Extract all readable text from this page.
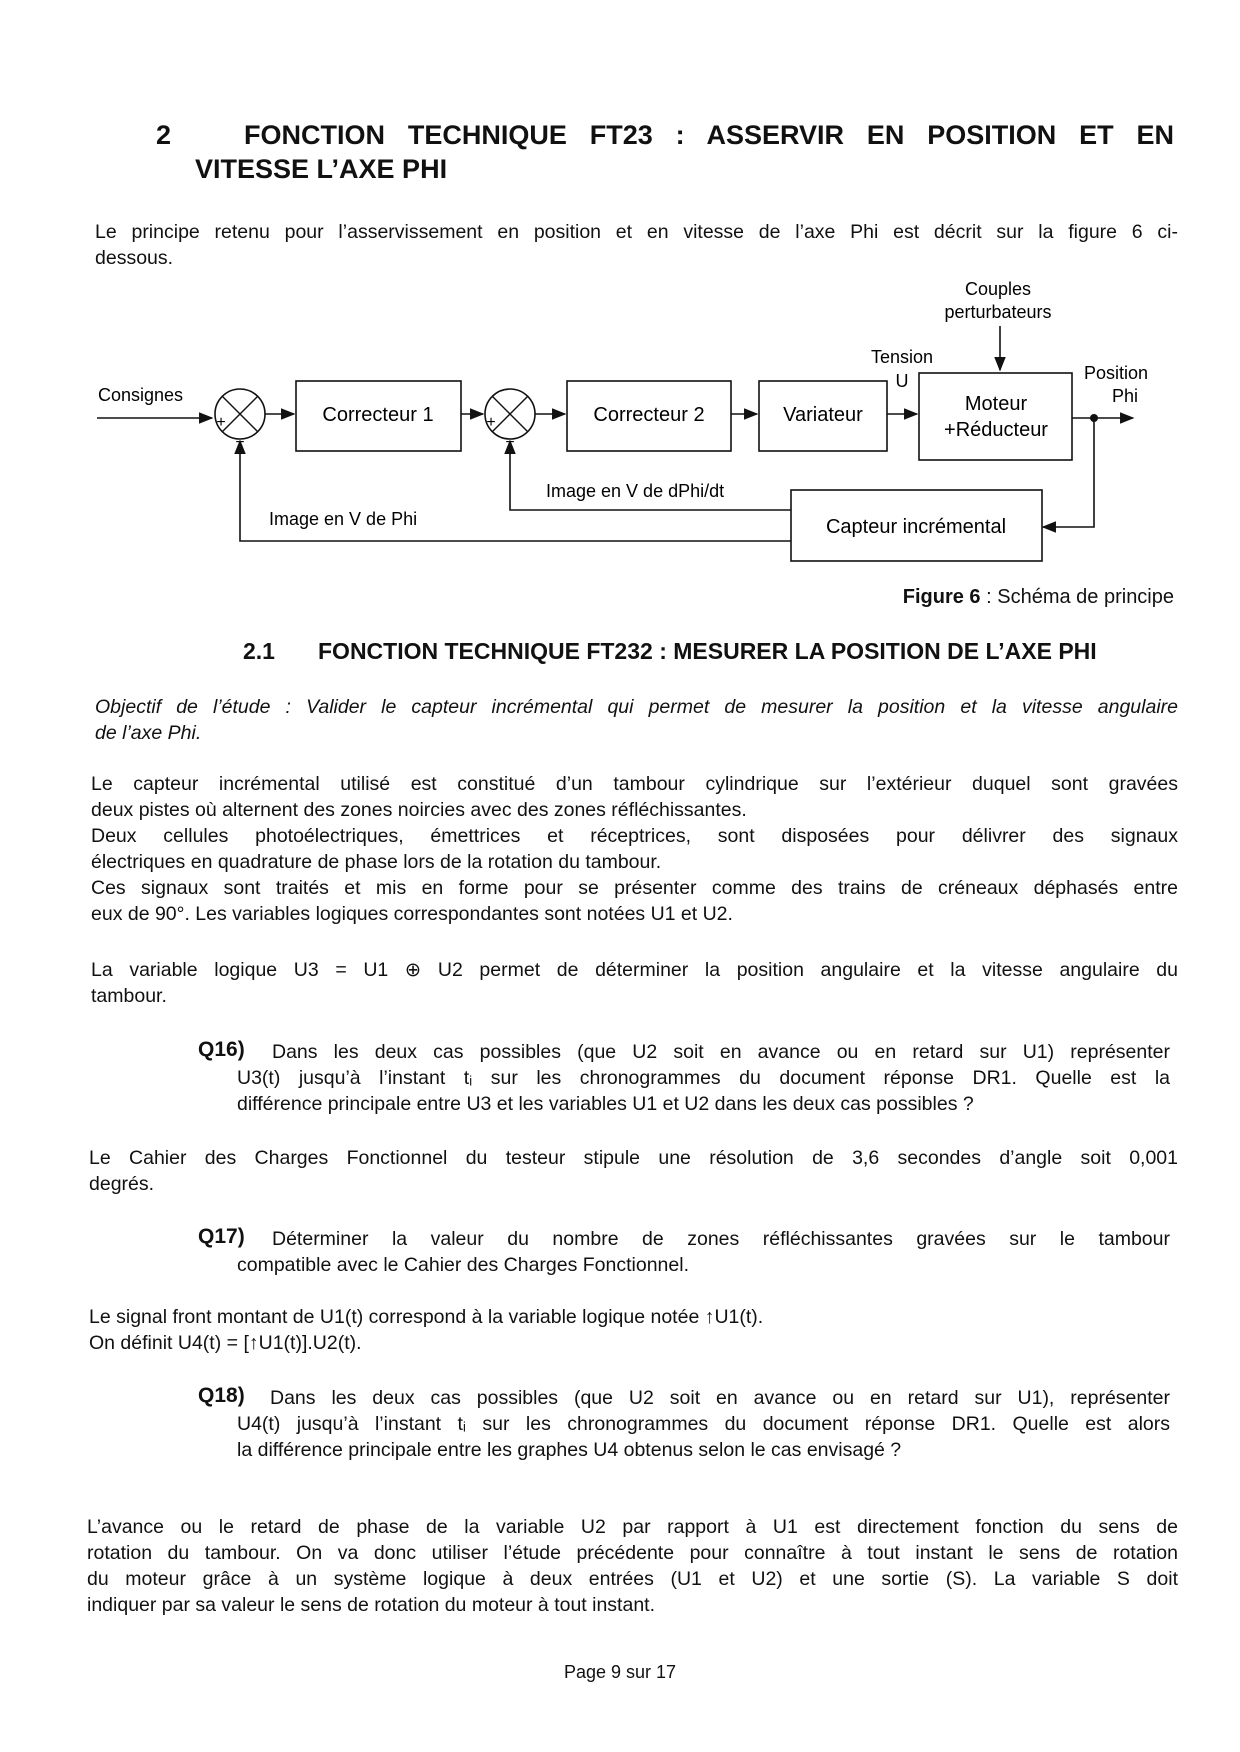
2	FONCTION TECHNIQUE FT23 : ASSERVIR EN POSITION ET EN
VITESSE L’AXE PHI
Le principe retenu pour l’asservissement en position et en vitesse de l’axe Phi est décrit sur la figure 6 ci-
dessous.
Couples
perturbateurs
Tension
U	Position
Phi
Consignes
+
−
Correcteur 1	+
−
Correcteur 2	Variateur	Moteur
+Réducteur
Capteur incrémental
Image en V de dPhi/dt
Image en V de Phi
Figure 6 : Schéma de principe
2.1 FONCTION TECHNIQUE FT232 : MESURER LA POSITION DE L’AXE PHI
Objectif de l’étude : Valider le capteur incrémental qui permet de mesurer la position et la vitesse angulaire
de l’axe Phi.
Le capteur incrémental utilisé est constitué d’un tambour cylindrique sur l’extérieur duquel sont gravées
deux pistes où alternent des zones noircies avec des zones réfléchissantes.
Deux cellules photoélectriques, émettrices et réceptrices, sont disposées pour délivrer des signaux
électriques en quadrature de phase lors de la rotation du tambour.
Ces signaux sont traités et mis en forme pour se présenter comme des trains de créneaux déphasés entre
eux de 90°. Les variables logiques correspondantes sont notées U1 et U2.
La variable logique U3 = U1 ⊕ U2 permet de déterminer la position angulaire et la vitesse angulaire du
tambour.
Q16) Dans les deux cas possibles (que U2 soit en avance ou en retard sur U1) représenter
U3(t) jusqu’à l’instant tᵢ sur les chronogrammes du document réponse DR1. Quelle est la
différence principale entre U3 et les variables U1 et U2 dans les deux cas possibles ?
Le Cahier des Charges Fonctionnel du testeur stipule une résolution de 3,6 secondes d’angle soit 0,001
degrés.
Q17) Déterminer la valeur du nombre de zones réfléchissantes gravées sur le tambour
compatible avec le Cahier des Charges Fonctionnel.
Le signal front montant de U1(t) correspond à la variable logique notée ↑U1(t).
On définit U4(t) = [↑U1(t)].U2(t).
Q18) Dans les deux cas possibles (que U2 soit en avance ou en retard sur U1), représenter
U4(t) jusqu’à l’instant tᵢ sur les chronogrammes du document réponse DR1. Quelle est alors
la différence principale entre les graphes U4 obtenus selon le cas envisagé ?
L’avance ou le retard de phase de la variable U2 par rapport à U1 est directement fonction du sens de
rotation du tambour. On va donc utiliser l’étude précédente pour connaître à tout instant le sens de rotation
du moteur grâce à un système logique à deux entrées (U1 et U2) et une sortie (S). La variable S doit
indiquer par sa valeur le sens de rotation du moteur à tout instant.
Page 9 sur 17
